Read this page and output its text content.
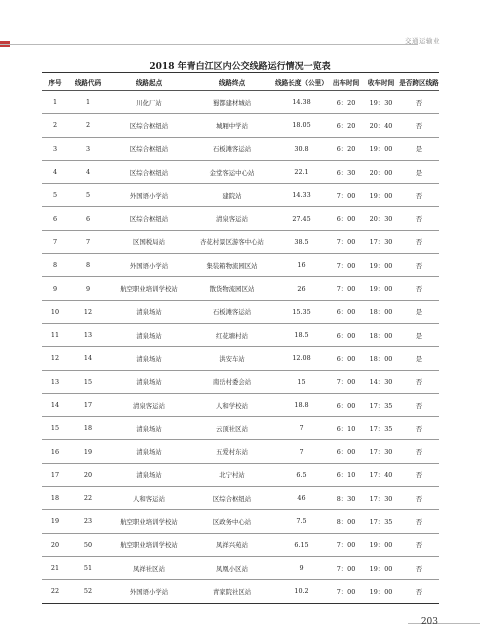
交通运输业
2018 年青白江区内公交线路运行情况一览表
序号	线路代码	线路起点	线路终点	线路长度（公里）	出车时间	收车时间	是否跨区线路
1	1	川化厂站	蜀都建材城站	14.38	6：20	19：30	否
2	2	区综合枢纽站	城厢中学站	18.05	6：20	20：40	否
3	3	区综合枢纽站	石板滩客运站	30.8	6：20	19：00	是
4	4	区综合枢纽站	金堂客运中心站	22.1	6：30	20：00	是
5	5	外国语小学站	建院站	14.33	7：00	19：00	否
6	6	区综合枢纽站	清泉客运站	27.45	6：00	20：30	否
7	7	区国税局站	杏花村景区游客中心站	38.5	7：00	17：30	否
8	8	外国语小学站	集装箱物流园区站	16	7：00	19：00	否
9	9	航空职业培训学校站	散货物流园区站	26	7：00	19：00	否
10	12	清泉场站	石板滩客运站	15.35	6：00	18：00	是
11	13	清泉场站	红花塘村站	18.5	6：00	18：00	是
12	14	清泉场站	洪安车站	12.08	6：00	18：00	是
13	15	清泉场站	南岳村委会站	15	7：00	14：30	否
14	17	清泉客运站	人和学校站	18.8	6：00	17：35	否
15	18	清泉场站	云顶社区站	7	6：10	17：35	否
16	19	清泉场站	五爱村东站	7	6：00	17：30	否
17	20	清泉场站	北宁村站	6.5	6：10	17：40	否
18	22	人和客运站	区综合枢纽站	46	8：30	17：30	否
19	23	航空职业培训学校站	区政务中心站	7.5	8：00	17：35	否
20	50	航空职业培训学校站	凤祥兴苑站	6.15	7：00	19：00	否
21	51	凤祥社区站	凤凰小区站	9	7：00	19：00	否
22	52	外国语小学站	青家院社区站	10.2	7：00	19：00	否
203
